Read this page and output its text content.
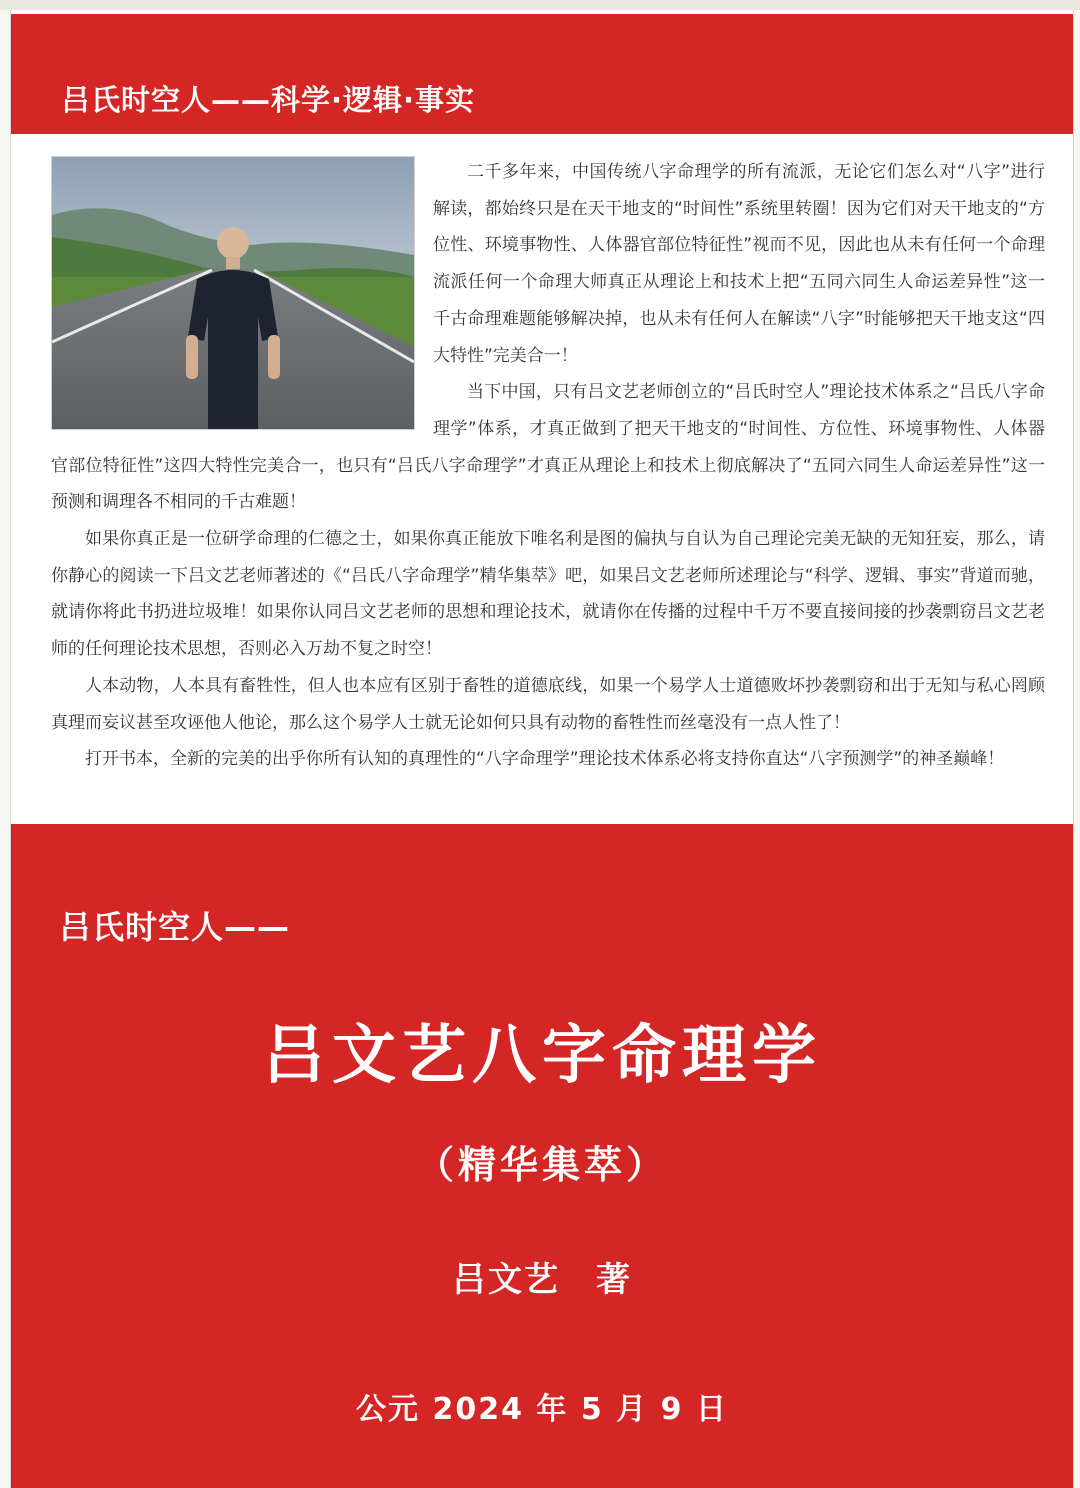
吕氏时空人——科学·逻辑·事实

二千多年来，中国传统八字命理学的所有流派，无论它们怎么对“八字”进行解读，都始终只是在天干地支的“时间性”系统里转圈！因为它们对天干地支的“方位性、环境事物性、人体器官部位特征性”视而不见，因此也从未有任何一个命理流派任何一个命理大师真正从理论上和技术上把“五同六同生人命运差异性”这一千古命理难题能够解决掉，也从未有任何人在解读“八字”时能够把天干地支这“四大特性”完美合一！

当下中国，只有吕文艺老师创立的“吕氏时空人”理论技术体系之“吕氏八字命理学”体系，才真正做到了把天干地支的“时间性、方位性、环境事物性、人体器官部位特征性”这四大特性完美合一，也只有“吕氏八字命理学”才真正从理论上和技术上彻底解决了“五同六同生人命运差异性”这一预测和调理各不相同的千古难题！

如果你真正是一位研学命理的仁德之士，如果你真正能放下唯名利是图的偏执与自认为自己理论完美无缺的无知狂妄，那么，请你静心的阅读一下吕文艺老师著述的《“吕氏八字命理学”精华集萃》吧，如果吕文艺老师所述理论与“科学、逻辑、事实”背道而驰，就请你将此书扔进垃圾堆！如果你认同吕文艺老师的思想和理论技术，就请你在传播的过程中千万不要直接间接的抄袭剽窃吕文艺老师的任何理论技术思想，否则必入万劫不复之时空！

人本动物，人本具有畜牲性，但人也本应有区别于畜牲的道德底线，如果一个易学人士道德败坏抄袭剽窃和出于无知与私心罔顾真理而妄议甚至攻诬他人他论，那么这个易学人士就无论如何只具有动物的畜牲性而丝毫没有一点人性了！

打开书本，全新的完美的出乎你所有认知的真理性的“八字命理学”理论技术体系必将支持你直达“八字预测学”的神圣巅峰！

吕氏时空人——
吕文艺八字命理学
（精华集萃）
吕文艺　著
公元 2024 年 5 月 9 日
